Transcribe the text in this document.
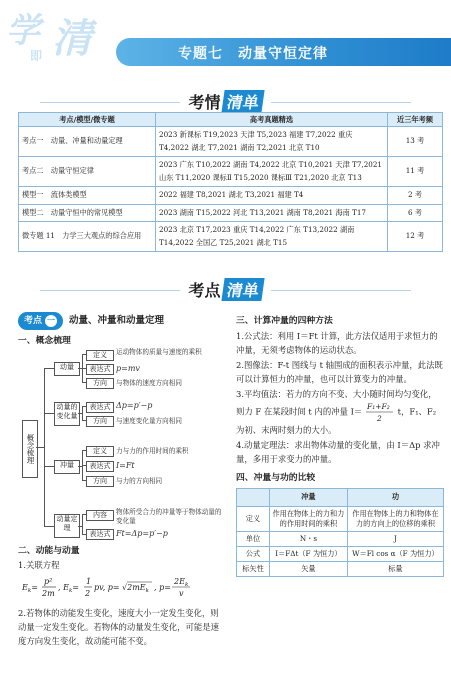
学
即 清	专题七　动量守恒定律
考情 清单
考点/模型/微专题	高考真题精选	近三年考频
考点一　动量、冲量和动量定理	2023 新课标 T19,2023 天津 T5,2023 福建 T7,2022 重庆 T4,2022 湖北 T7,2021 湖南 T2,2021 北京 T10	13 考
考点二　动量守恒定律	2023 广东 T10,2022 湖南 T4,2022 北京 T10,2021 天津 T7,2021 山东 T11,2020 课标Ⅱ T15,2020 课标Ⅲ T21,2020 北京 T13	11 考
模型一　流体类模型	2022 福建 T8,2021 湖北 T3,2021 福建 T4	2 考
模型二　动量守恒中的常见模型	2023 湖南 T15,2022 河北 T13,2021 湖南 T8,2021 海南 T17	6 考
微专题 11　力学三大观点的综合应用	2023 北京 T17,2023 重庆 T14,2022 广东 T13,2022 湖南 T14,2022 全国乙 T25,2021 湖北 T15	12 考
考点 清单
考点 一 动量、冲量和动量定理
一、概念梳理
概念梳理
动量
定义
表达式
方向
运动物体的质量与速度的乘积
p=mv
与物体的速度方向相同
动量的变化量
表达式
方向
Δp=p′−p
与速度变化量方向相同
冲量
定义
表达式
方向
力与力的作用时间的乘积
I=Ft
与力的方向相同
动量定理
内容
表达式
物体所受合力的冲量等于物体动量的变化量
Ft=Δp=p′−p
二、动能与动量
1.关联方程
$E_k=$
p²
2m
, $E_k=$
1
2
pv, $p= √2mE_k$ , p=
$2E_k$
v
2.若物体的动能发生变化，速度大小一定发生变化，则动量一定发生变化。若物体的动量发生变化，可能是速度方向发生变化，故动能可能不变。
三、计算冲量的四种方法
1.公式法：利用 I＝Ft 计算，此方法仅适用于求恒力的冲量，无须考虑物体的运动状态。
2.图像法：F-t 图线与 t 轴围成的面积表示冲量，此法既可以计算恒力的冲量，也可以计算变力的冲量。
3.平均值法：若力的方向不变、大小随时间均匀变化，则力 F 在某段时间 t 内的冲量 I＝ F₁+F₂
2
t，F₁、F₂ 为初、末两时刻力的大小。
4.动量定理法：求出物体动量的变化量，由 I＝Δp 求冲量，多用于求变力的冲量。
四、冲量与功的比较
	冲量	功
定义	作用在物体上的力和力的作用时间的乘积	作用在物体上的力和物体在力的方向上的位移的乘积
单位	N・s	J
公式	I＝FΔt（F 为恒力）	W＝Fl cos α（F 为恒力）
标矢性	矢量	标量
